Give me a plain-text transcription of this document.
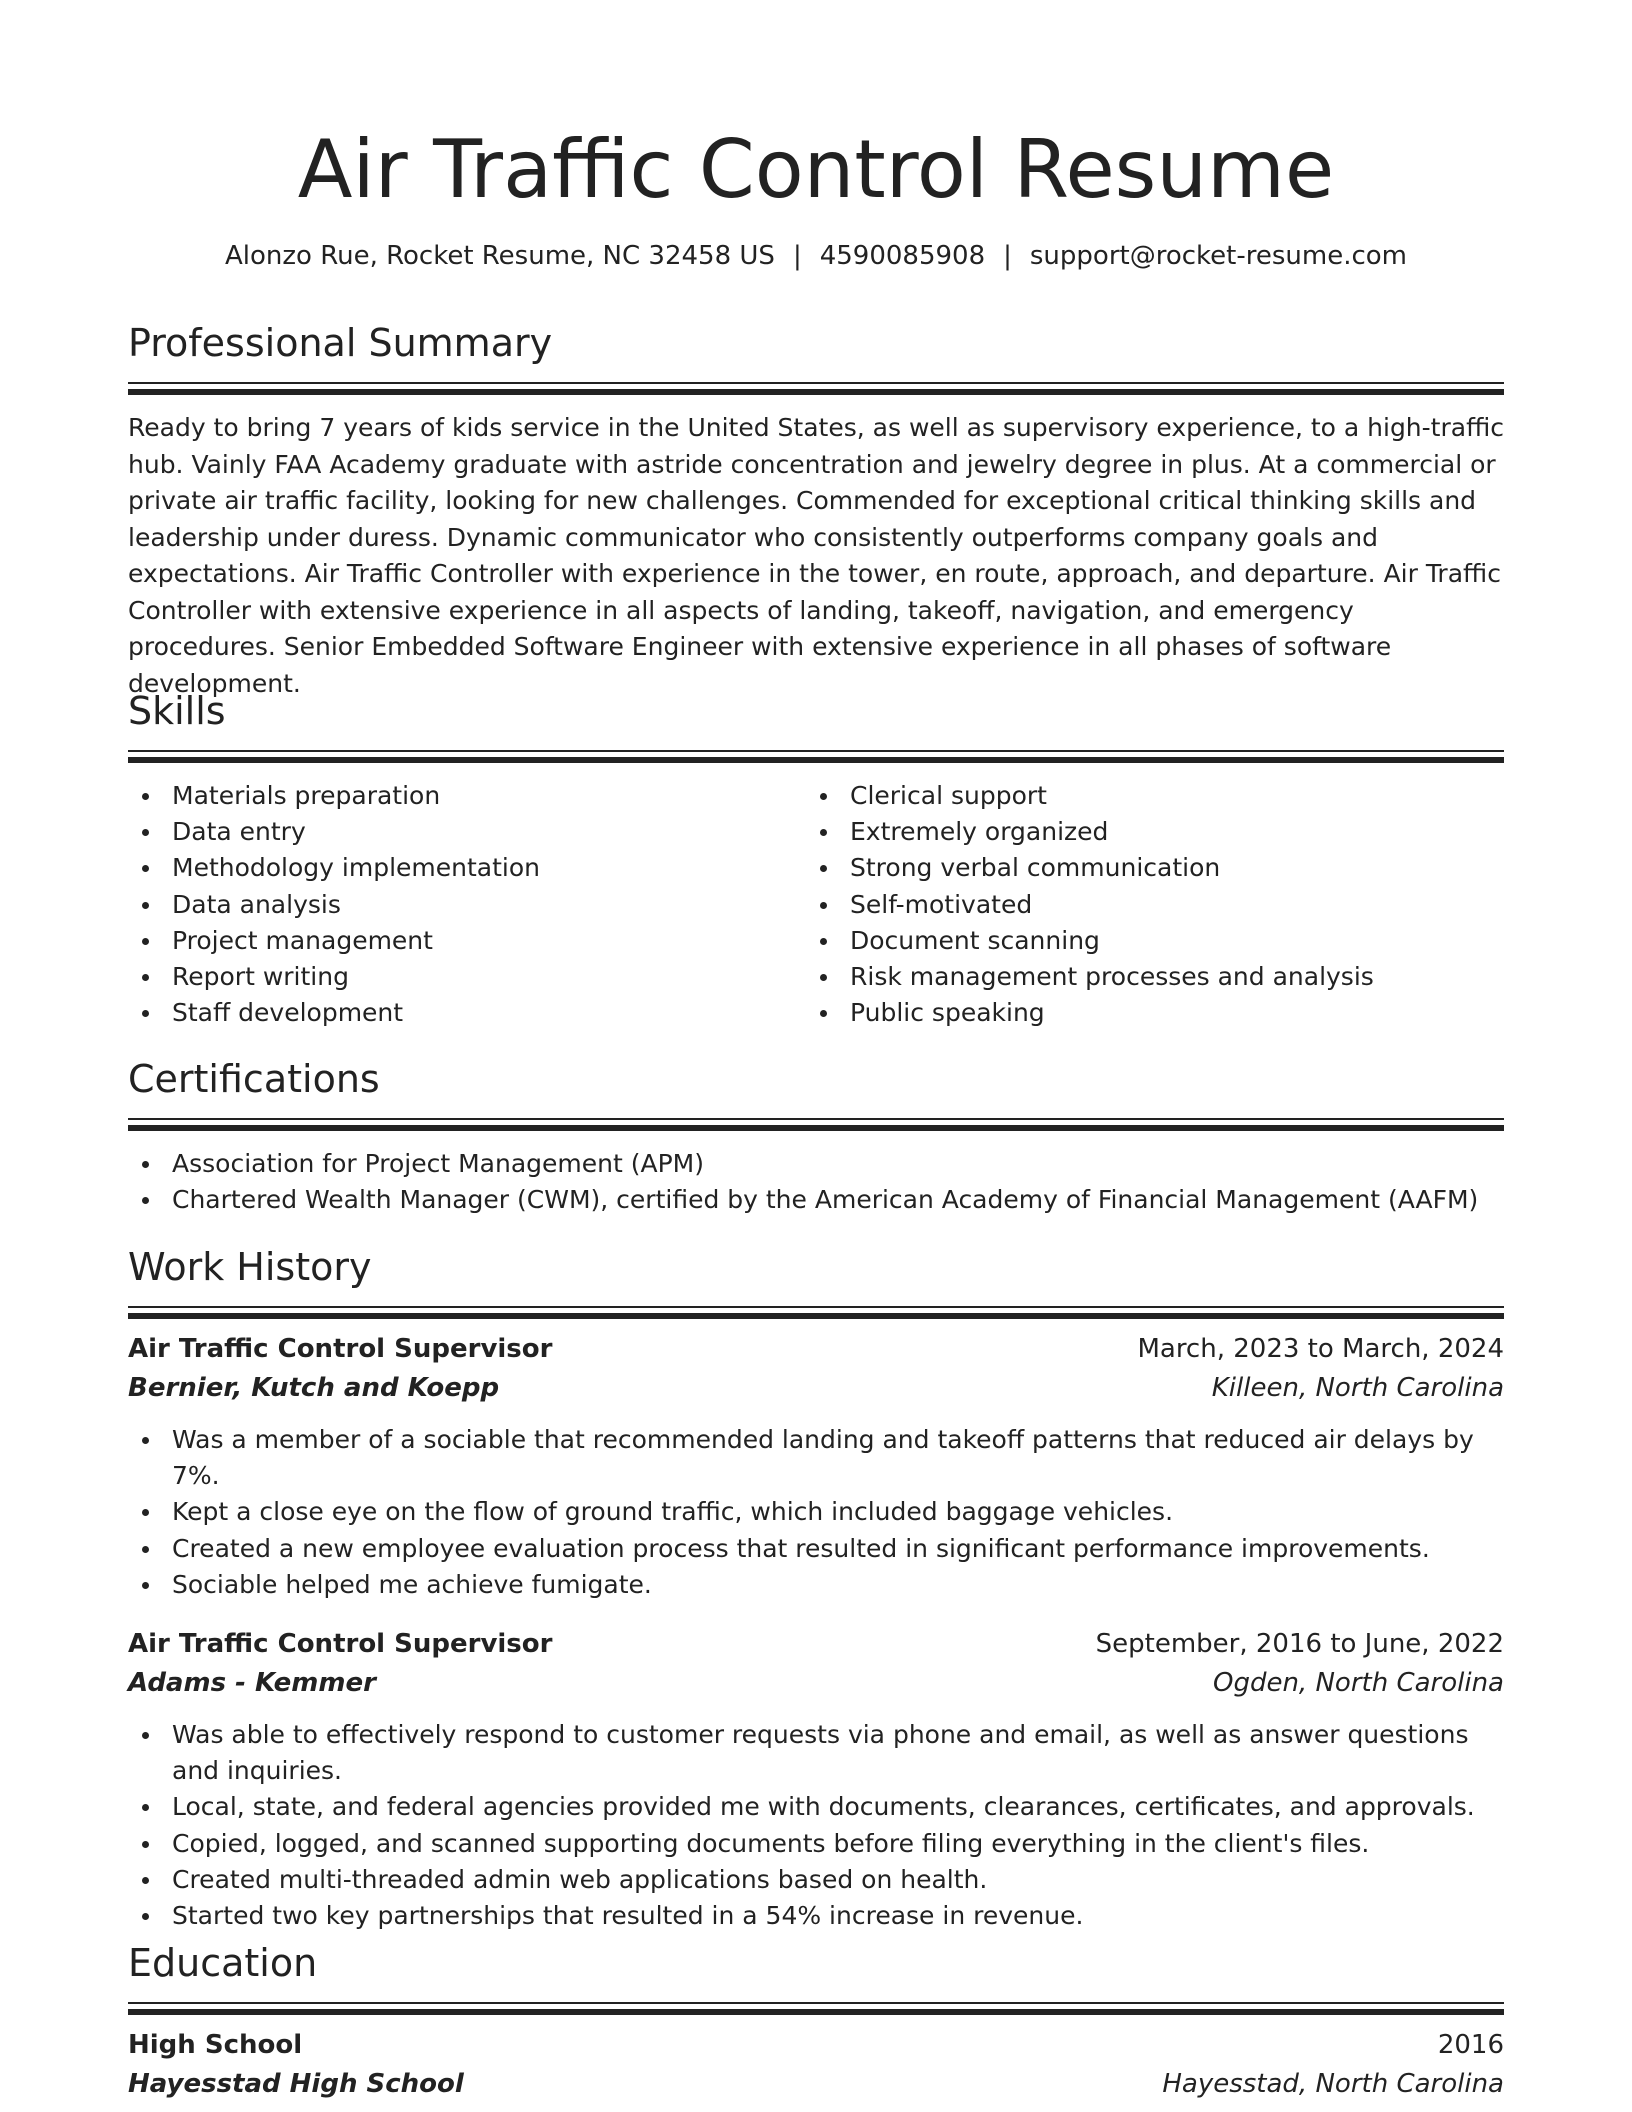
Air Traffic Control Resume
Alonzo Rue, Rocket Resume, NC 32458 US | 4590085908 | support@rocket-resume.com
Professional Summary
Ready to bring 7 years of kids service in the United States, as well as supervisory experience, to a high-traffic hub. Vainly FAA Academy graduate with astride concentration and jewelry degree in plus. At a commercial or private air traffic facility, looking for new challenges. Commended for exceptional critical thinking skills and leadership under duress. Dynamic communicator who consistently outperforms company goals and expectations. Air Traffic Controller with experience in the tower, en route, approach, and departure. Air Traffic Controller with extensive experience in all aspects of landing, takeoff, navigation, and emergency procedures. Senior Embedded Software Engineer with extensive experience in all phases of software development.
Skills
Materials preparation
Data entry
Methodology implementation
Data analysis
Project management
Report writing
Staff development
Clerical support
Extremely organized
Strong verbal communication
Self-motivated
Document scanning
Risk management processes and analysis
Public speaking
Certifications
Association for Project Management (APM)
Chartered Wealth Manager (CWM), certified by the American Academy of Financial Management (AAFM)
Work History
Air Traffic Control Supervisor	March, 2023 to March, 2024
Bernier, Kutch and Koepp	Killeen, North Carolina
Was a member of a sociable that recommended landing and takeoff patterns that reduced air delays by 7%.
Kept a close eye on the flow of ground traffic, which included baggage vehicles.
Created a new employee evaluation process that resulted in significant performance improvements.
Sociable helped me achieve fumigate.
Air Traffic Control Supervisor	September, 2016 to June, 2022
Adams - Kemmer	Ogden, North Carolina
Was able to effectively respond to customer requests via phone and email, as well as answer questions and inquiries.
Local, state, and federal agencies provided me with documents, clearances, certificates, and approvals.
Copied, logged, and scanned supporting documents before filing everything in the client's files.
Created multi-threaded admin web applications based on health.
Started two key partnerships that resulted in a 54% increase in revenue.
Education
High School	2016
Hayesstad High School	Hayesstad, North Carolina
